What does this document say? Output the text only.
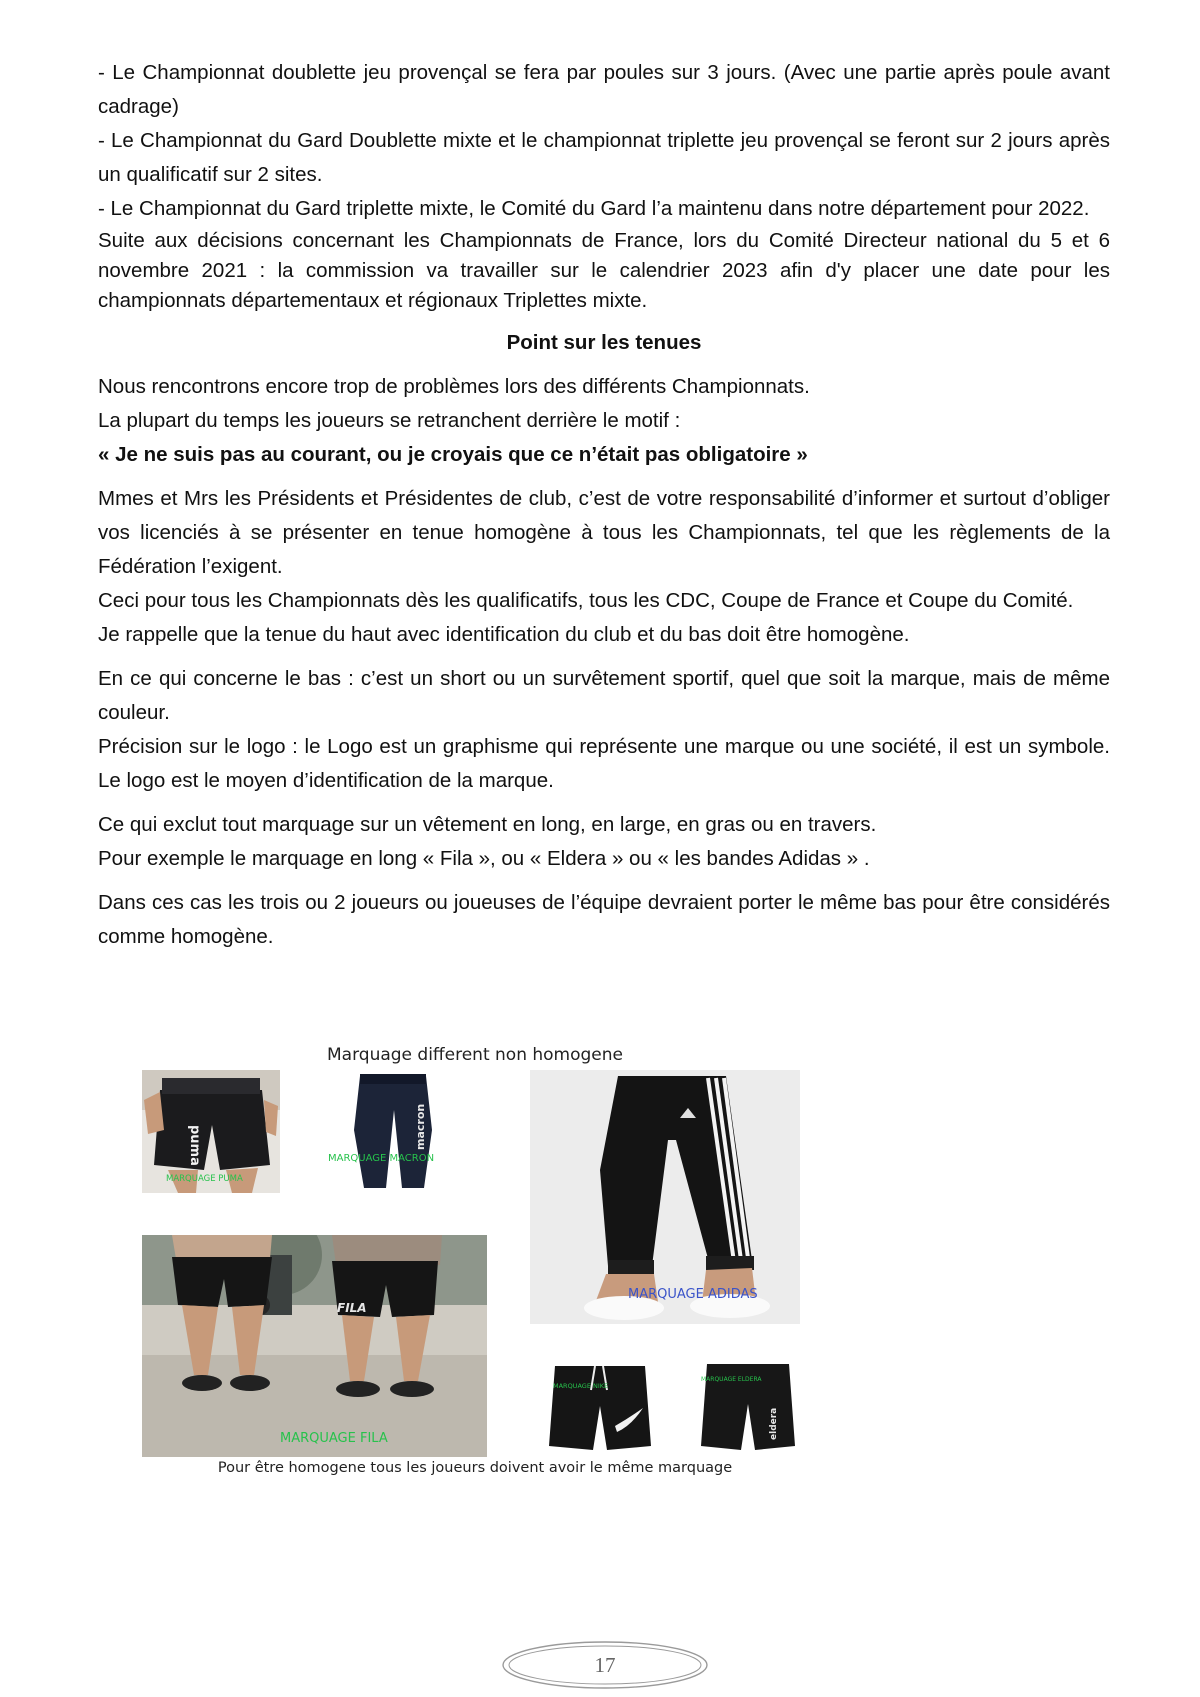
- Le Championnat doublette jeu provençal se fera par poules sur 3 jours. (Avec une partie après poule avant cadrage)

- Le Championnat du Gard Doublette mixte et le championnat triplette jeu provençal se feront sur 2 jours après un qualificatif sur 2 sites.

- Le Championnat du Gard triplette mixte, le Comité du Gard l’a maintenu dans notre département pour 2022.

Suite aux décisions concernant les Championnats de France, lors du Comité Directeur national du 5 et 6 novembre 2021 : la commission va travailler sur le calendrier 2023 afin d'y placer une date pour les championnats départementaux et régionaux Triplettes mixte.

Point sur les tenues

Nous rencontrons encore trop de problèmes lors des différents Championnats.

La plupart du temps les joueurs se retranchent derrière le motif :

« Je ne suis pas au courant, ou je croyais que ce n’était pas obligatoire »

Mmes et Mrs les Présidents et Présidentes de club, c’est de votre responsabilité d’informer et surtout d’obliger vos licenciés à se présenter en tenue homogène à tous les Championnats, tel que les règlements de la Fédération l’exigent.

Ceci pour tous les Championnats dès les qualificatifs, tous les CDC, Coupe de France et Coupe du Comité.

Je rappelle que la tenue du haut avec identification du club et du bas doit être homogène.

En ce qui concerne le bas : c’est un short ou un survêtement sportif, quel que soit la marque, mais de même couleur.

Précision sur le logo : le Logo est un graphisme qui représente une marque ou une société, il est un symbole. Le logo est le moyen d’identification de la marque.

Ce qui exclut tout marquage sur un vêtement en long, en large, en gras ou en travers.

Pour exemple le marquage en long « Fila », ou « Eldera » ou « les bandes Adidas » .

Dans ces cas les trois ou 2 joueurs ou joueuses de l’équipe devraient porter le même bas pour être considérés comme homogène.

Marquage different non homogene
puma
MARQUAGE PUMA
macron
MARQUAGE MACRON
MARQUAGE ADIDAS
FILA
MARQUAGE FILA
MARQUAGE NIKE
MARQUAGE ELDERA
eldera
Pour être homogene tous les joueurs doivent avoir le même marquage
17
